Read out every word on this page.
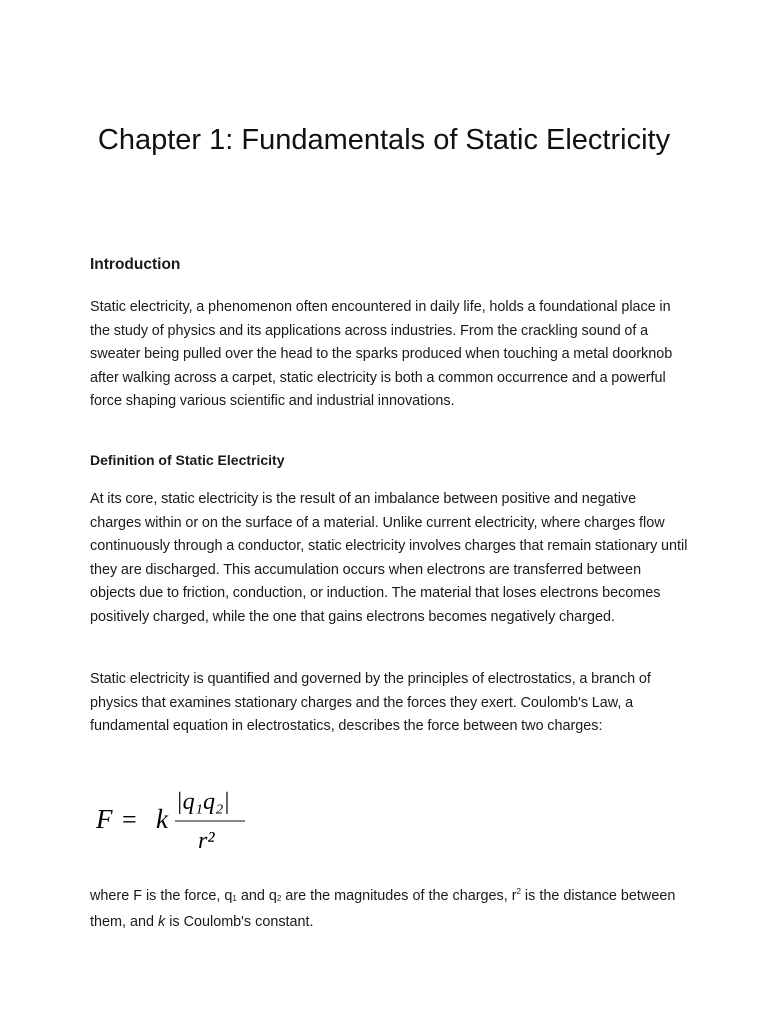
Chapter 1: Fundamentals of Static Electricity
Introduction

Static electricity, a phenomenon often encountered in daily life, holds a foundational place in the study of physics and its applications across industries. From the crackling sound of a sweater being pulled over the head to the sparks produced when touching a metal doorknob after walking across a carpet, static electricity is both a common occurrence and a powerful force shaping various scientific and industrial innovations.

Definition of Static Electricity

At its core, static electricity is the result of an imbalance between positive and negative charges within or on the surface of a material. Unlike current electricity, where charges flow continuously through a conductor, static electricity involves charges that remain stationary until they are discharged. This accumulation occurs when electrons are transferred between objects due to friction, conduction, or induction. The material that loses electrons becomes positively charged, while the one that gains electrons becomes negatively charged.

Static electricity is quantified and governed by the principles of electrostatics, a branch of physics that examines stationary charges and the forces they exert. Coulomb's Law, a fundamental equation in electrostatics, describes the force between two charges:

F = k
|q₁q₂|
r²

where F is the force, q1 and q2 are the magnitudes of the charges, $r^2$ is the distance between them, and k is Coulomb's constant.
